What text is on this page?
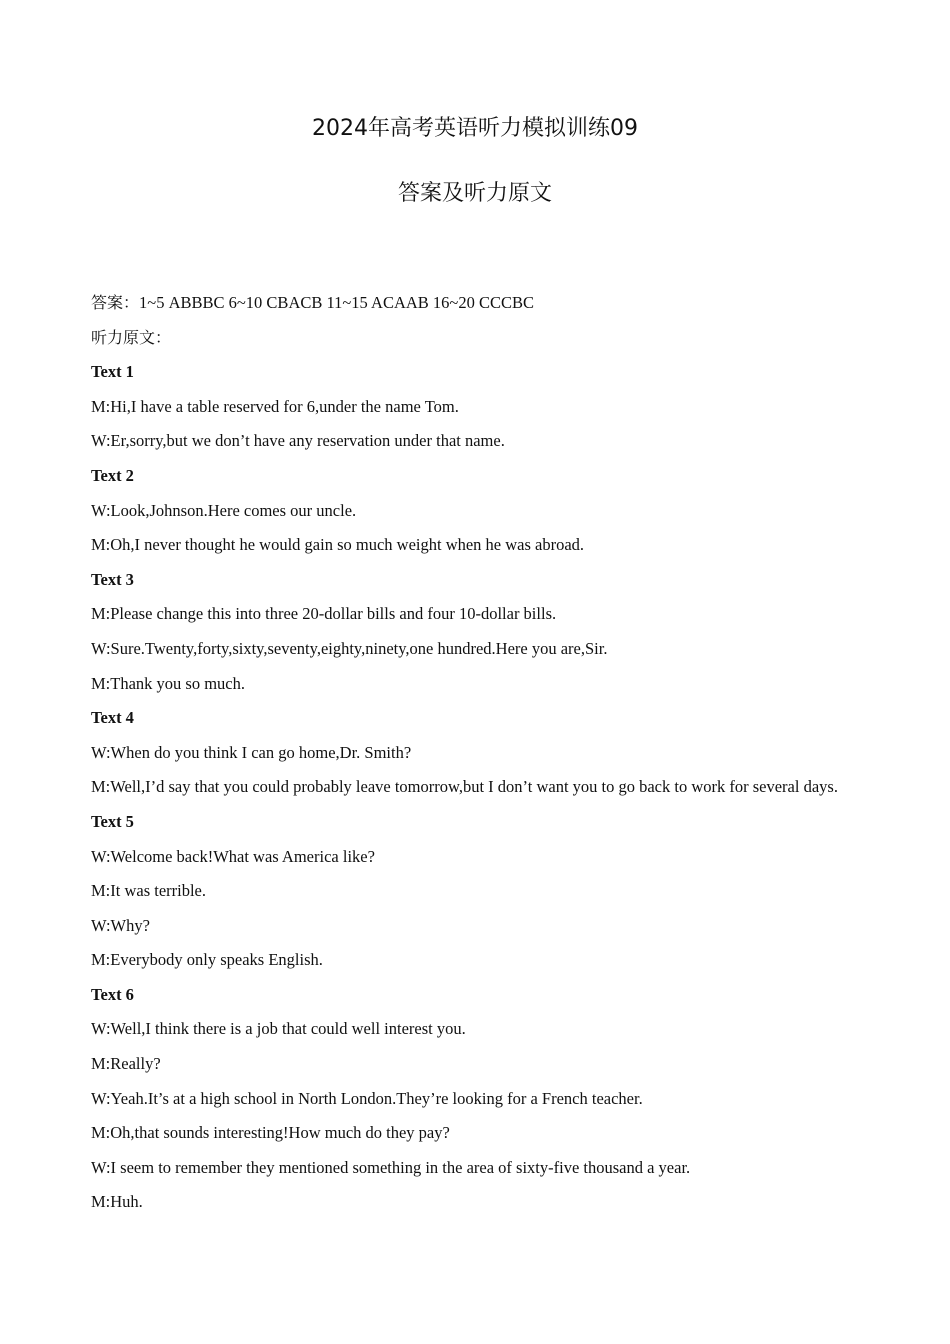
2024年高考英语听力模拟训练09
答案及听力原文
答案：1~5 ABBBC 6~10 CBACB 11~15 ACAAB 16~20 CCCBC
听力原文：
Text 1
M:Hi,I have a table reserved for 6,under the name Tom.
W:Er,sorry,but we don’t have any reservation under that name.
Text 2
W:Look,Johnson.Here comes our uncle.
M:Oh,I never thought he would gain so much weight when he was abroad.
Text 3
M:Please change this into three 20-dollar bills and four 10-dollar bills.
W:Sure.Twenty,forty,sixty,seventy,eighty,ninety,one hundred.Here you are,Sir.
M:Thank you so much.
Text 4
W:When do you think I can go home,Dr. Smith?
M:Well,I’d say that you could probably leave tomorrow,but I don’t want you to go back to work for several days.
Text 5
W:Welcome back!What was America like?
M:It was terrible.
W:Why?
M:Everybody only speaks English.
Text 6
W:Well,I think there is a job that could well interest you.
M:Really?
W:Yeah.It’s at a high school in North London.They’re looking for a French teacher.
M:Oh,that sounds interesting!How much do they pay?
W:I seem to remember they mentioned something in the area of sixty-five thousand a year.
M:Huh.
